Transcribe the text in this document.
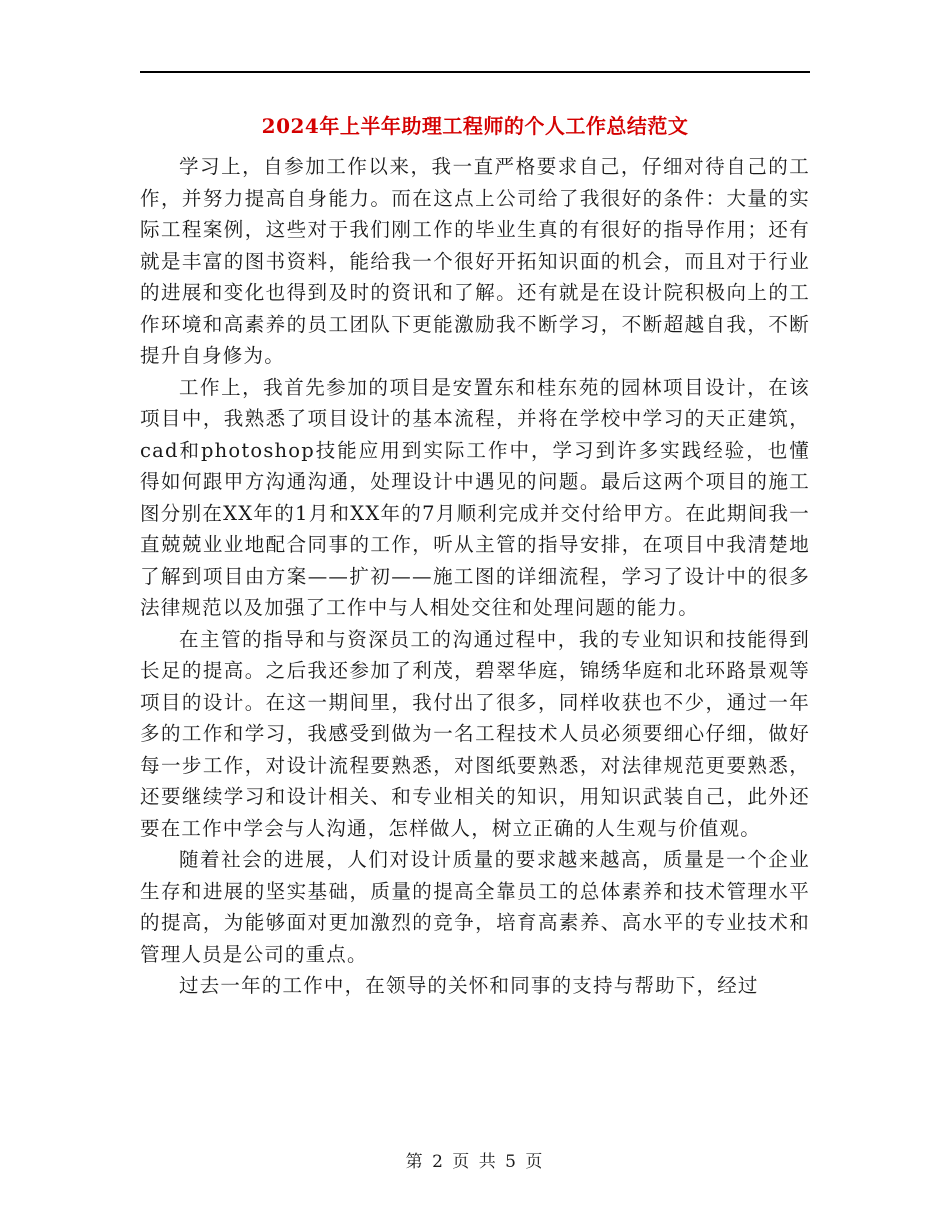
2024年上半年助理工程师的个人工作总结范文

学习上，自参加工作以来，我一直严格要求自己，仔细对待自己的工作，并努力提高自身能力。而在这点上公司给了我很好的条件：大量的实际工程案例，这些对于我们刚工作的毕业生真的有很好的指导作用；还有就是丰富的图书资料，能给我一个很好开拓知识面的机会，而且对于行业的进展和变化也得到及时的资讯和了解。还有就是在设计院积极向上的工作环境和高素养的员工团队下更能激励我不断学习，不断超越自我，不断提升自身修为。

工作上，我首先参加的项目是安置东和桂东苑的园林项目设计，在该项目中，我熟悉了项目设计的基本流程，并将在学校中学习的天正建筑，cad和photoshop技能应用到实际工作中，学习到许多实践经验，也懂得如何跟甲方沟通沟通，处理设计中遇见的问题。最后这两个项目的施工图分别在XX年的1月和XX年的7月顺利完成并交付给甲方。在此期间我一直兢兢业业地配合同事的工作，听从主管的指导安排，在项目中我清楚地了解到项目由方案——扩初——施工图的详细流程，学习了设计中的很多法律规范以及加强了工作中与人相处交往和处理问题的能力。

在主管的指导和与资深员工的沟通过程中，我的专业知识和技能得到长足的提高。之后我还参加了利茂，碧翠华庭，锦绣华庭和北环路景观等项目的设计。在这一期间里，我付出了很多，同样收获也不少，通过一年多的工作和学习，我感受到做为一名工程技术人员必须要细心仔细，做好每一步工作，对设计流程要熟悉，对图纸要熟悉，对法律规范更要熟悉，还要继续学习和设计相关、和专业相关的知识，用知识武装自己，此外还要在工作中学会与人沟通，怎样做人，树立正确的人生观与价值观。

随着社会的进展，人们对设计质量的要求越来越高，质量是一个企业生存和进展的坚实基础，质量的提高全靠员工的总体素养和技术管理水平的提高，为能够面对更加激烈的竞争，培育高素养、高水平的专业技术和管理人员是公司的重点。

过去一年的工作中，在领导的关怀和同事的支持与帮助下，经过

第 2 页 共 5 页
